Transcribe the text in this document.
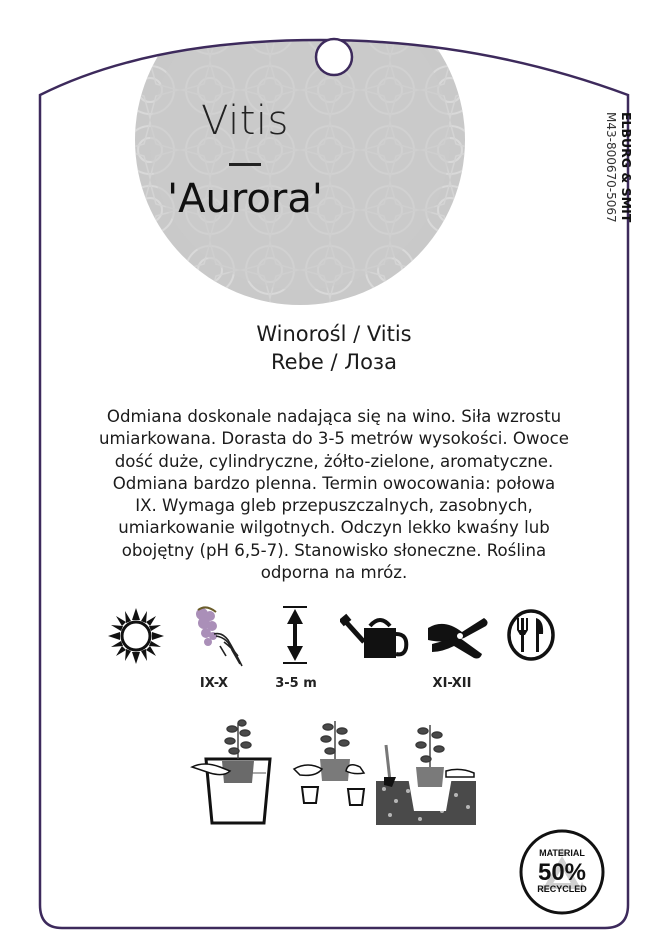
Vitis
'Aurora'	ELBURG & SMIT
M43-800670-5067
Winorośl / Vitis
Rebe / Лоза
Odmiana doskonale nadająca się na wino. Siła wzrostu
umiarkowana. Dorasta do 3-5 metrów wysokości. Owoce
dość duże, cylindryczne, żółto-zielone, aromatyczne.
Odmiana bardzo plenna. Termin owocowania: połowa
IX. Wymaga gleb przepuszczalnych, zasobnych,
umiarkowanie wilgotnych. Odczyn lekko kwaśny lub
obojętny (pH 6,5-7). Stanowisko słoneczne. Roślina
odporna na mróz.
IX-X	3-5 m	XI-XII
MATERIAL
50%
RECYCLED
